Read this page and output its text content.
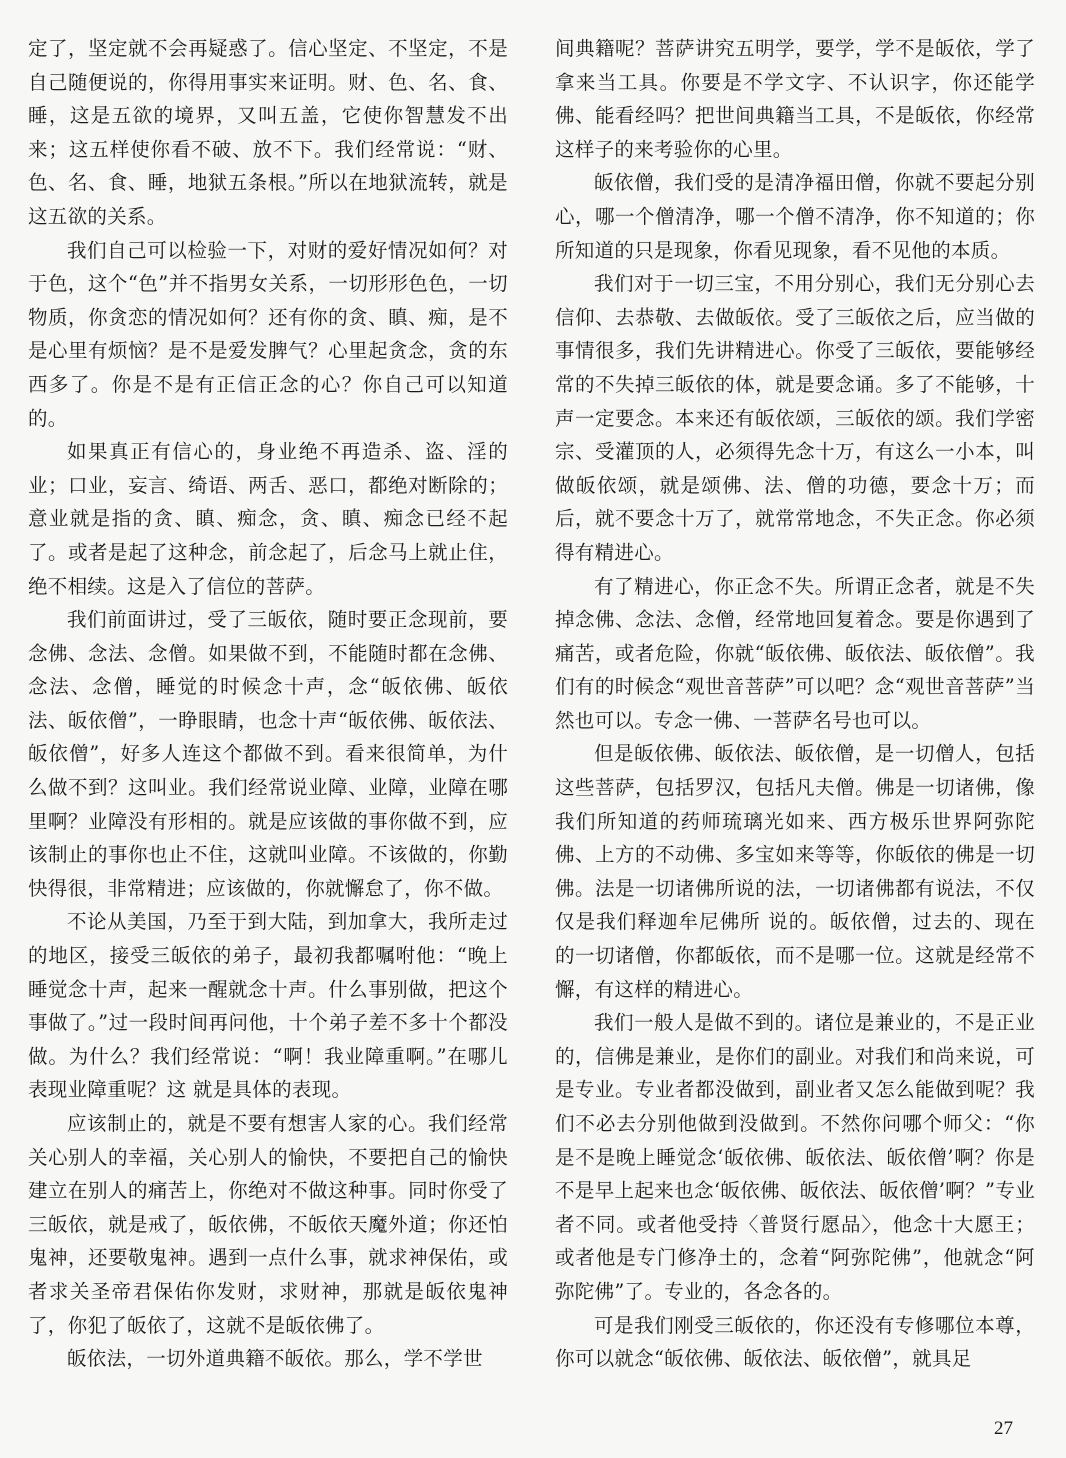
定了，坚定就不会再疑惑了。信心坚定、不坚定，不是自己随便说的，你得用事实来证明。财、色、名、食、睡，这是五欲的境界，又叫五盖，它使你智慧发不出来；这五样使你看不破、放不下。我们经常说：“财、色、名、食、睡，地狱五条根。”所以在地狱流转，就是这五欲的关系。

我们自己可以检验一下，对财的爱好情况如何？对于色，这个“色”并不指男女关系，一切形形色色，一切物质，你贪恋的情况如何？还有你的贪、瞋、痴，是不是心里有烦恼？是不是爱发脾气？心里起贪念，贪的东西多了。你是不是有正信正念的心？你自己可以知道的。

如果真正有信心的，身业绝不再造杀、盗、淫的业；口业，妄言、绮语、两舌、恶口，都绝对断除的；意业就是指的贪、瞋、痴念，贪、瞋、痴念已经不起了。或者是起了这种念，前念起了，后念马上就止住，绝不相续。这是入了信位的菩萨。

我们前面讲过，受了三皈依，随时要正念现前，要念佛、念法、念僧。如果做不到，不能随时都在念佛、念法、念僧，睡觉的时候念十声，念“皈依佛、皈依法、皈依僧”，一睁眼睛，也念十声“皈依佛、皈依法、皈依僧”，好多人连这个都做不到。看来很简单，为什么做不到？这叫业。我们经常说业障、业障，业障在哪里啊？业障没有形相的。就是应该做的事你做不到，应该制止的事你也止不住，这就叫业障。不该做的，你勤快得很，非常精进；应该做的，你就懈怠了，你不做。

不论从美国，乃至于到大陆，到加拿大，我所走过的地区，接受三皈依的弟子，最初我都嘱咐他：“晚上睡觉念十声，起来一醒就念十声。什么事别做，把这个事做了。”过一段时间再问他，十个弟子差不多十个都没做。为什么？我们经常说：“啊！我业障重啊。”在哪儿表现业障重呢？这 就是具体的表现。

应该制止的，就是不要有想害人家的心。我们经常关心别人的幸福，关心别人的愉快，不要把自己的愉快建立在别人的痛苦上，你绝对不做这种事。同时你受了三皈依，就是戒了，皈依佛，不皈依天魔外道；你还怕鬼神，还要敬鬼神。遇到一点什么事，就求神保佑，或者求关圣帝君保佑你发财，求财神，那就是皈依鬼神了，你犯了皈依了，这就不是皈依佛了。

皈依法，一切外道典籍不皈依。那么，学不学世

间典籍呢？菩萨讲究五明学，要学，学不是皈依，学了拿来当工具。你要是不学文字、不认识字，你还能学佛、能看经吗？把世间典籍当工具，不是皈依，你经常这样子的来考验你的心里。

皈依僧，我们受的是清净福田僧，你就不要起分别心，哪一个僧清净，哪一个僧不清净，你不知道的；你所知道的只是现象，你看见现象，看不见他的本质。

我们对于一切三宝，不用分别心，我们无分别心去信仰、去恭敬、去做皈依。受了三皈依之后，应当做的事情很多，我们先讲精进心。你受了三皈依，要能够经常的不失掉三皈依的体，就是要念诵。多了不能够，十声一定要念。本来还有皈依颂，三皈依的颂。我们学密宗、受灌顶的人，必须得先念十万，有这么一小本，叫做皈依颂，就是颂佛、法、僧的功德，要念十万；而后，就不要念十万了，就常常地念，不失正念。你必须得有精进心。

有了精进心，你正念不失。所谓正念者，就是不失掉念佛、念法、念僧，经常地回复着念。要是你遇到了痛苦，或者危险，你就“皈依佛、皈依法、皈依僧”。我们有的时候念“观世音菩萨”可以吧？念“观世音菩萨”当然也可以。专念一佛、一菩萨名号也可以。

但是皈依佛、皈依法、皈依僧，是一切僧人，包括这些菩萨，包括罗汉，包括凡夫僧。佛是一切诸佛，像我们所知道的药师琉璃光如来、西方极乐世界阿弥陀佛、上方的不动佛、多宝如来等等，你皈依的佛是一切佛。法是一切诸佛所说的法，一切诸佛都有说法，不仅仅是我们释迦牟尼佛所 说的。皈依僧，过去的、现在的一切诸僧，你都皈依，而不是哪一位。这就是经常不懈，有这样的精进心。

我们一般人是做不到的。诸位是兼业的，不是正业的，信佛是兼业，是你们的副业。对我们和尚来说，可是专业。专业者都没做到，副业者又怎么能做到呢？我们不必去分别他做到没做到。不然你问哪个师父：“你是不是晚上睡觉念‘皈依佛、皈依法、皈依僧’啊？你是不是早上起来也念‘皈依佛、皈依法、皈依僧’啊？”专业者不同。或者他受持〈普贤行愿品〉，他念十大愿王；或者他是专门修净土的，念着“阿弥陀佛”，他就念“阿弥陀佛”了。专业的，各念各的。

可是我们刚受三皈依的，你还没有专修哪位本尊，你可以就念“皈依佛、皈依法、皈依僧”，就具足

27
